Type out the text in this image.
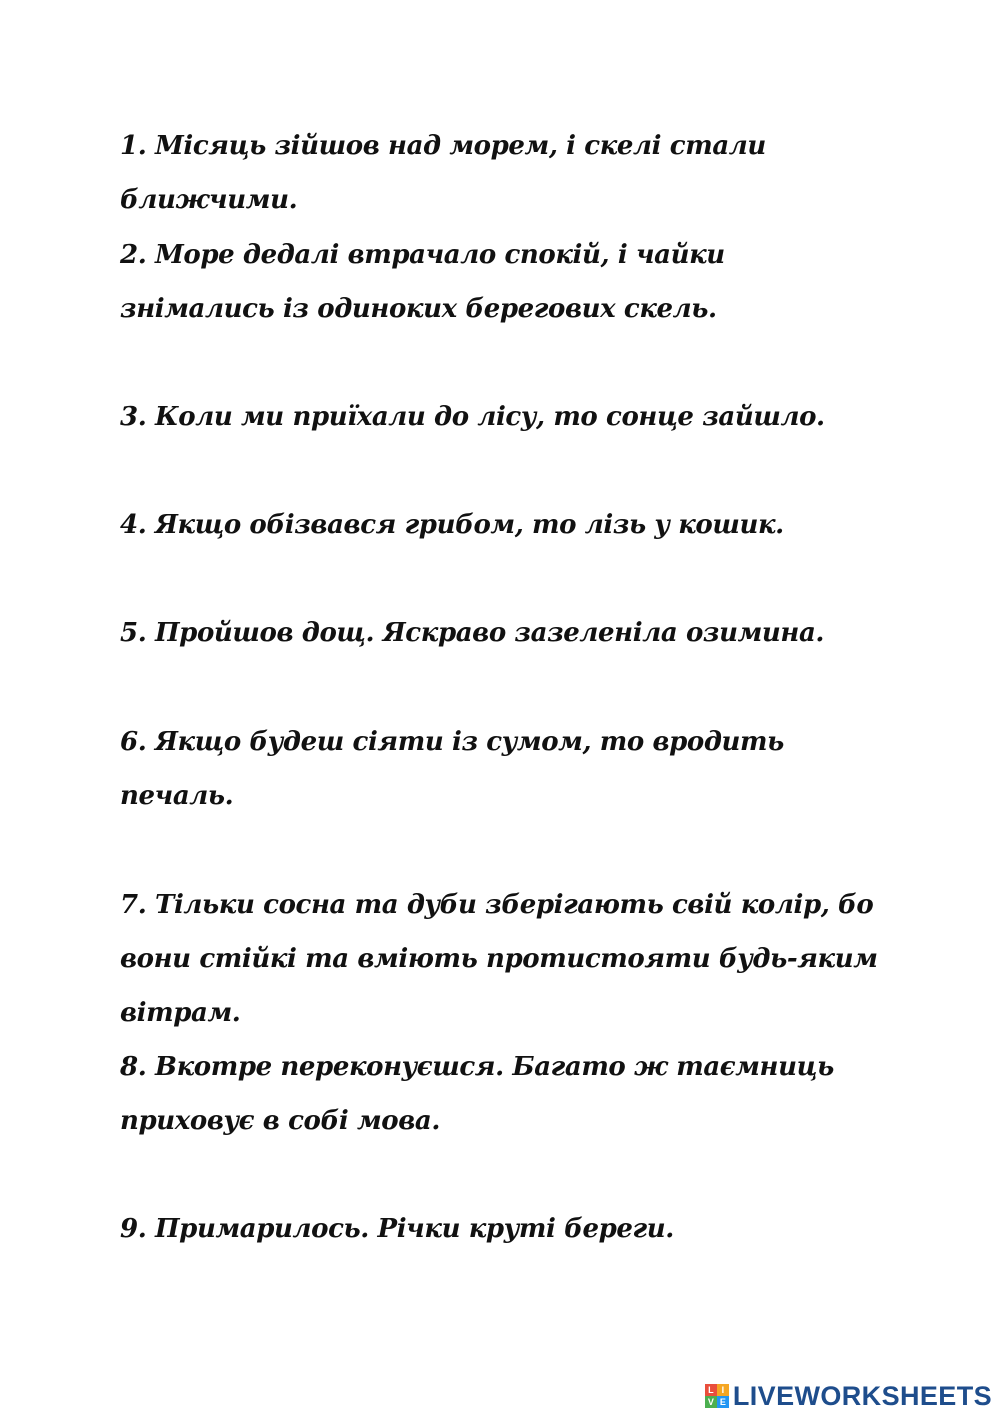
1. Місяць зійшов над морем, і скелі стали ближчими.
2. Море дедалі втрачало спокій, і чайки знімались із одиноких берегових скель.
3. Коли ми приїхали до лісу, то сонце зайшло.
4. Якщо обізвався грибом, то лізь у кошик.
5. Пройшов дощ. Яскраво зазеленіла озимина.
6. Якщо будеш сіяти із сумом, то вродить печаль.
7. Тільки сосна та дуби зберігають свій колір, бо вони стійкі та вміють протистояти будь-яким вітрам.
8. Вкотре переконуєшся. Багато ж таємниць приховує в собі мова.
9. Примарилось. Річки круті береги.
L I
V E LIVEWORKSHEETS
